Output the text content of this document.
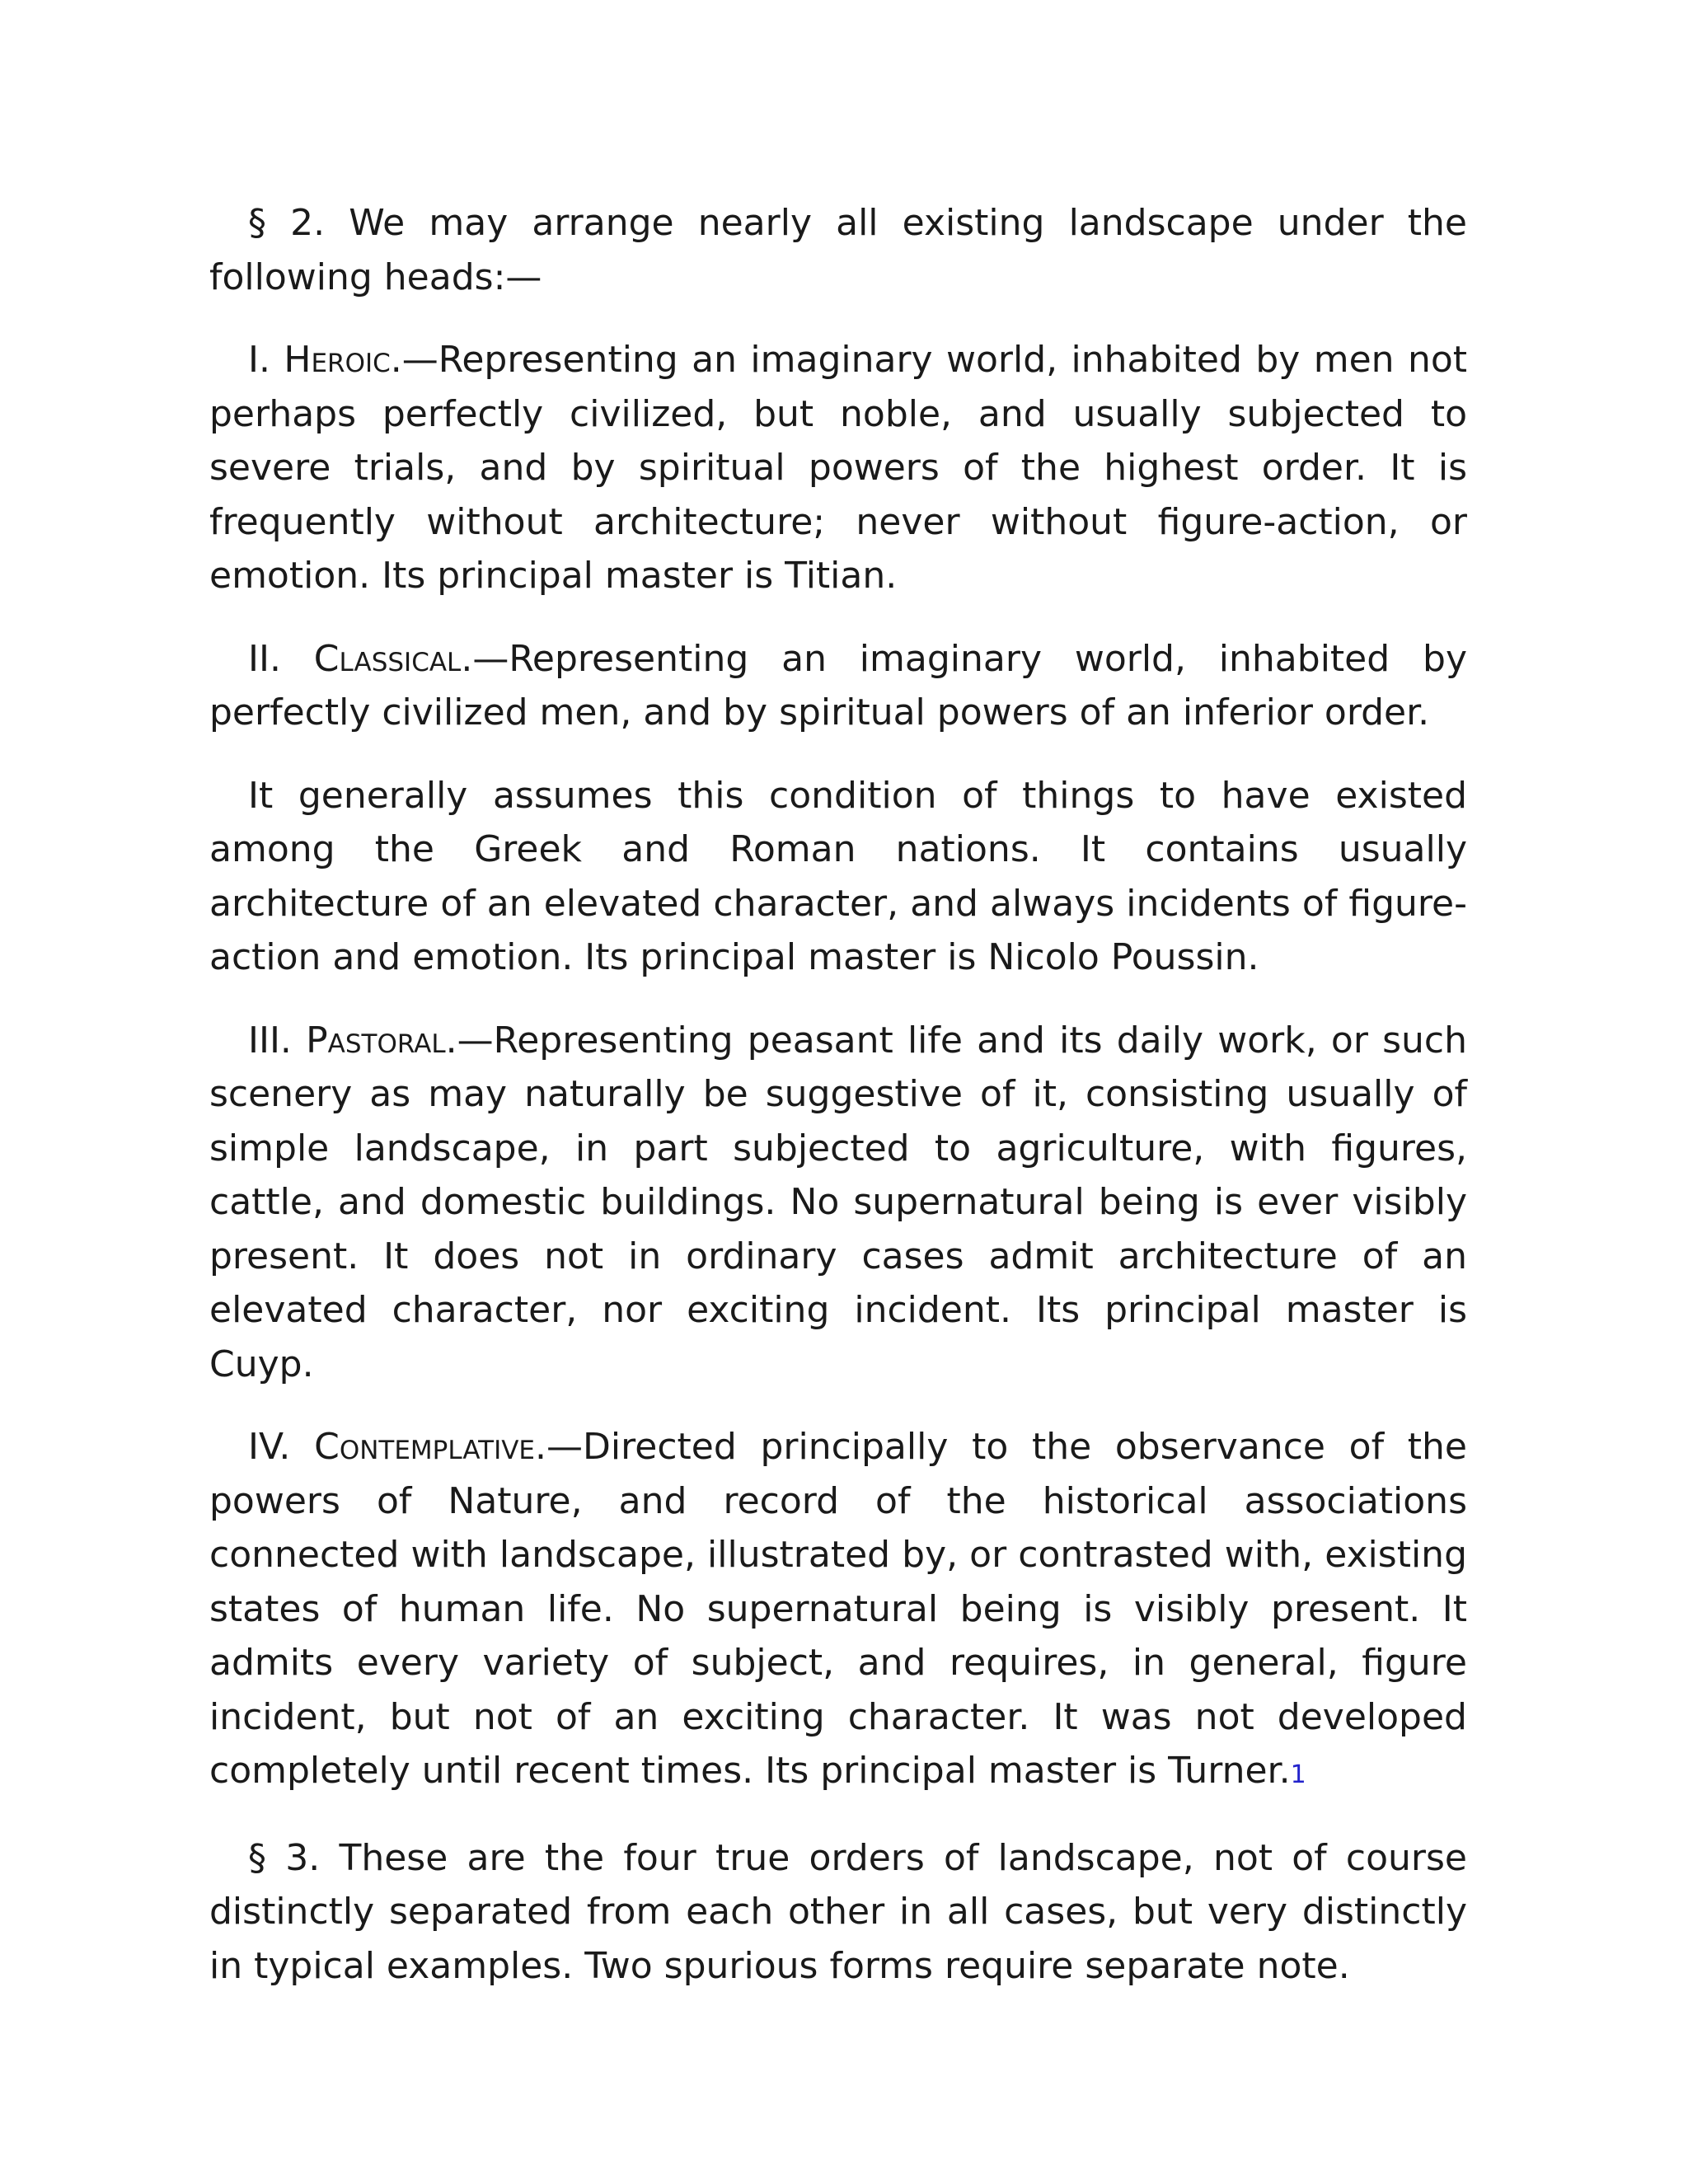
§ 2. We may arrange nearly all existing landscape under the following heads:—

I. Heroic.—Representing an imaginary world, inhabited by men not perhaps perfectly civilized, but noble, and usually subjected to severe trials, and by spiritual powers of the highest order. It is frequently without architecture; never without figure-action, or emotion. Its principal master is Titian.

II. Classical.—Representing an imaginary world, inhabited by perfectly civilized men, and by spiritual powers of an inferior order.

It generally assumes this condition of things to have existed among the Greek and Roman nations. It contains usually architecture of an elevated character, and always incidents of figure-action and emotion. Its principal master is Nicolo Poussin.

III. Pastoral.—Representing peasant life and its daily work, or such scenery as may naturally be suggestive of it, consisting usually of simple landscape, in part subjected to agriculture, with figures, cattle, and domestic buildings. No supernatural being is ever visibly present. It does not in ordinary cases admit architecture of an elevated character, nor exciting incident. Its principal master is Cuyp.

IV. Contemplative.—Directed principally to the observance of the powers of Nature, and record of the historical associations connected with landscape, illustrated by, or contrasted with, existing states of human life. No supernatural being is visibly present. It admits every variety of subject, and requires, in general, figure incident, but not of an exciting character. It was not developed completely until recent times. Its principal master is Turner.1

§ 3. These are the four true orders of landscape, not of course distinctly separated from each other in all cases, but very distinctly in typical examples. Two spurious forms require separate note.
